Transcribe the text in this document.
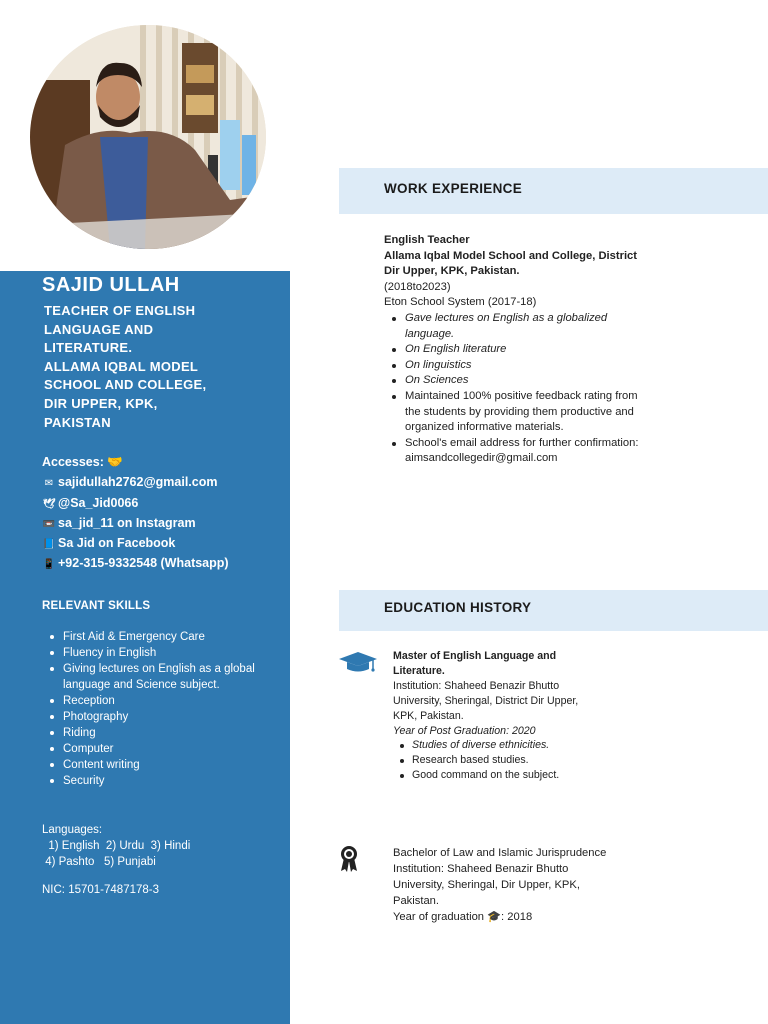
SAJID ULLAH
TEACHER OF ENGLISH
LANGUAGE AND
LITERATURE.
ALLAMA IQBAL MODEL
SCHOOL AND COLLEGE,
DIR UPPER, KPK,
PAKISTAN
Accesses: 🤝
✉ sajidullah2762@gmail.com
🕊 @Sa_Jid0066
📼 sa_jid_11 on Instagram
📘 Sa Jid on Facebook
📱 +92-315-9332548 (Whatsapp)
RELEVANT SKILLS
First Aid & Emergency Care
Fluency in English
Giving lectures on English as a global language and Science subject.
Reception
Photography
Riding
Computer
Content writing
Security
Languages:
1) English  2) Urdu  3) Hindi
4) Pashto   5) Punjabi
NIC: 15701-7487178-3
WORK EXPERIENCE
English Teacher
Allama Iqbal Model School and College, District Dir Upper, KPK, Pakistan.
(2018to2023)
Eton School System (2017-18)
Gave lectures on English as a globalized language.
On English literature
On linguistics
On Sciences
Maintained 100% positive feedback rating from the students by providing them productive and organized informative materials.
School's email address for further confirmation: aimsandcollegedir@gmail.com
EDUCATION HISTORY
Master of English Language and Literature.
Institution: Shaheed Benazir Bhutto University, Sheringal, District Dir Upper, KPK, Pakistan.
Year of Post Graduation: 2020
Studies of diverse ethnicities.
Research based studies.
Good command on the subject.
Bachelor of Law and Islamic Jurisprudence
Institution: Shaheed Benazir Bhutto University, Sheringal, Dir Upper, KPK, Pakistan.
Year of graduation 🎓: 2018
